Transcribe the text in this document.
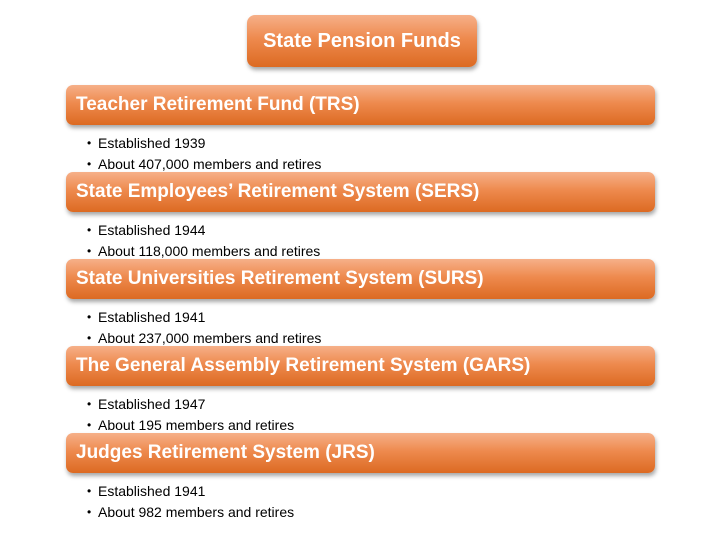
State Pension Funds
Teacher Retirement Fund (TRS)
• Established 1939
• About 407,000 members and retires
State Employees’ Retirement System (SERS)
• Established 1944
• About 118,000 members and retires
State Universities Retirement System (SURS)
• Established 1941
• About 237,000 members and retires
The General Assembly Retirement System (GARS)
• Established 1947
• About 195 members and retires
Judges Retirement System (JRS)
• Established 1941
• About 982 members and retires
